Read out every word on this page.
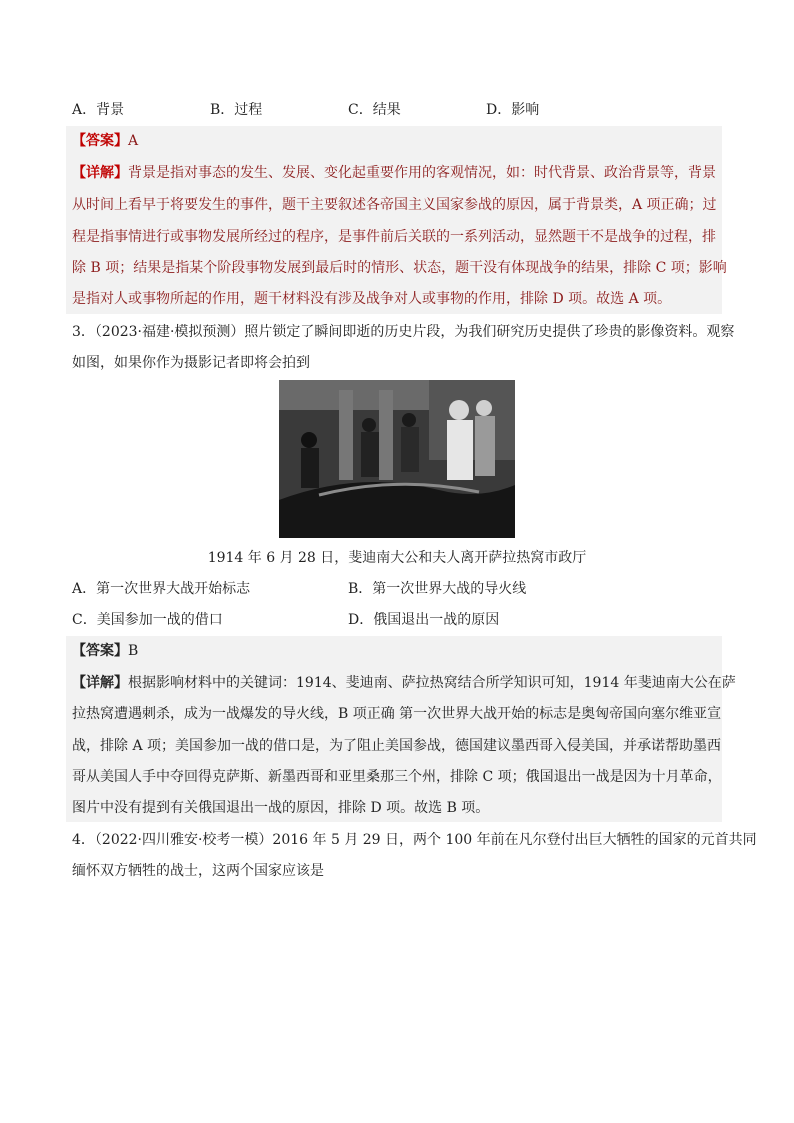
A．背景	B．过程	C．结果	D．影响
【答案】A
【详解】背景是指对事态的发生、发展、变化起重要作用的客观情况，如：时代背景、政治背景等，背景
从时间上看早于将要发生的事件，题干主要叙述各帝国主义国家参战的原因，属于背景类，A 项正确；过
程是指事情进行或事物发展所经过的程序，是事件前后关联的一系列活动，显然题干不是战争的过程，排
除 B 项；结果是指某个阶段事物发展到最后时的情形、状态，题干没有体现战争的结果，排除 C 项；影响
是指对人或事物所起的作用，题干材料没有涉及战争对人或事物的作用，排除 D 项。故选 A 项。
3．（2023·福建·模拟预测）照片锁定了瞬间即逝的历史片段，为我们研究历史提供了珍贵的影像资料。观察
如图，如果你作为摄影记者即将会拍到
1914 年 6 月 28 日，斐迪南大公和夫人离开萨拉热窝市政厅
A．第一次世界大战开始标志	B．第一次世界大战的导火线
C．美国参加一战的借口	D．俄国退出一战的原因
【答案】B
【详解】根据影响材料中的关键词：1914、斐迪南、萨拉热窝结合所学知识可知，1914 年斐迪南大公在萨
拉热窝遭遇刺杀，成为一战爆发的导火线，B 项正确 第一次世界大战开始的标志是奥匈帝国向塞尔维亚宣
战，排除 A 项；美国参加一战的借口是，为了阻止美国参战，德国建议墨西哥入侵美国，并承诺帮助墨西
哥从美国人手中夺回得克萨斯、新墨西哥和亚里桑那三个州，排除 C 项；俄国退出一战是因为十月革命，
图片中没有提到有关俄国退出一战的原因，排除 D 项。故选 B 项。
4．（2022·四川雅安·校考一模）2016 年 5 月 29 日，两个 100 年前在凡尔登付出巨大牺牲的国家的元首共同
缅怀双方牺牲的战士，这两个国家应该是
